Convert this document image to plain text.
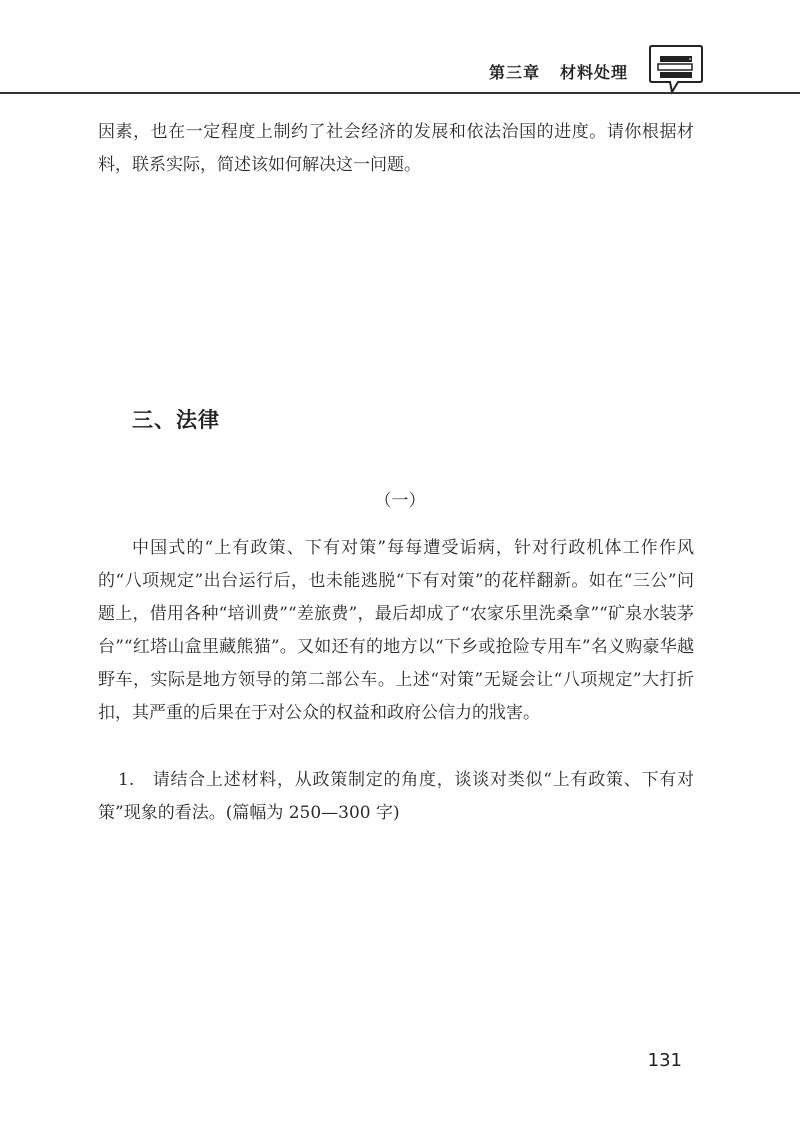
第三章 材料处理

因素，也在一定程度上制约了社会经济的发展和依法治国的进度。请你根据材料，联系实际，简述该如何解决这一问题。

三、法律
（一）

中国式的“上有政策、下有对策”每每遭受诟病，针对行政机体工作作风的“八项规定”出台运行后，也未能逃脱“下有对策”的花样翻新。如在“三公”问题上，借用各种“培训费”“差旅费”，最后却成了“农家乐里洗桑拿”“矿泉水装茅台”“红塔山盒里藏熊猫”。又如还有的地方以“下乡或抢险专用车”名义购豪华越野车，实际是地方领导的第二部公车。上述“对策”无疑会让“八项规定”大打折扣，其严重的后果在于对公众的权益和政府公信力的戕害。

1.　请结合上述材料，从政策制定的角度，谈谈对类似“上有政策、下有对策”现象的看法。(篇幅为 250—300 字)

131
